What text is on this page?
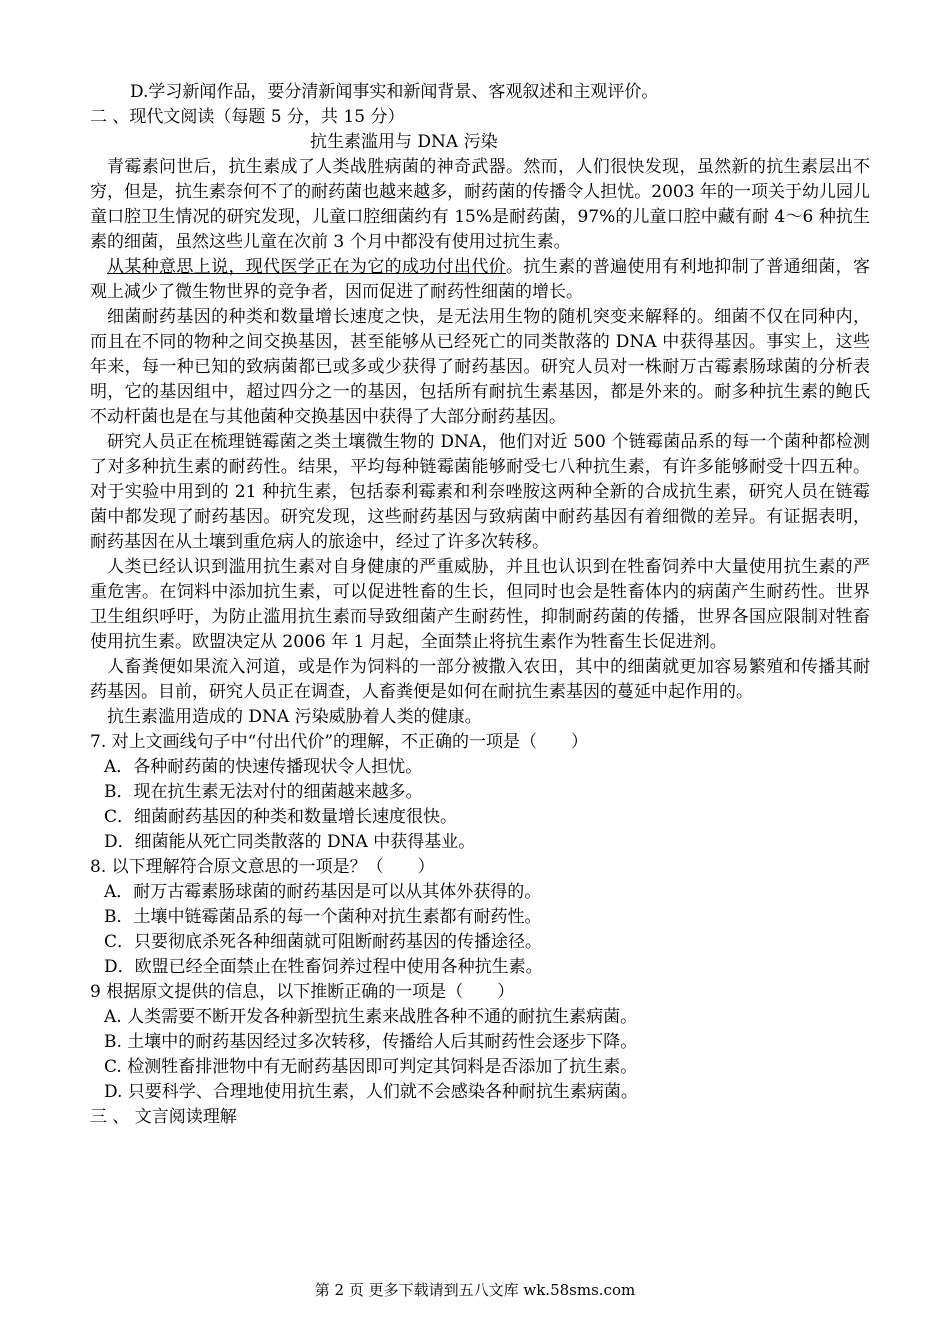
D.学习新闻作品，要分清新闻事实和新闻背景、客观叙述和主观评价。

二 、现代文阅读（每题 5 分，共 15 分）

抗生素滥用与 DNA 污染

青霉素问世后，抗生素成了人类战胜病菌的神奇武器。然而，人们很快发现，虽然新的抗生素层出不穷，但是，抗生素奈何不了的耐药菌也越来越多，耐药菌的传播令人担忧。2003 年的一项关于幼儿园儿童口腔卫生情况的研究发现，儿童口腔细菌约有 15%是耐药菌，97%的儿童口腔中藏有耐 4～6 种抗生素的细菌，虽然这些儿童在次前 3 个月中都没有使用过抗生素。

从某种意思上说，现代医学正在为它的成功付出代价。抗生素的普遍使用有利地抑制了普通细菌，客观上减少了微生物世界的竞争者，因而促进了耐药性细菌的增长。

细菌耐药基因的种类和数量增长速度之快，是无法用生物的随机突变来解释的。细菌不仅在同种内，而且在不同的物种之间交换基因，甚至能够从已经死亡的同类散落的 DNA 中获得基因。事实上，这些年来，每一种已知的致病菌都已或多或少获得了耐药基因。研究人员对一株耐万古霉素肠球菌的分析表明，它的基因组中，超过四分之一的基因，包括所有耐抗生素基因，都是外来的。耐多种抗生素的鲍氏不动杆菌也是在与其他菌种交换基因中获得了大部分耐药基因。

研究人员正在梳理链霉菌之类土壤微生物的 DNA，他们对近 500 个链霉菌品系的每一个菌种都检测了对多种抗生素的耐药性。结果，平均每种链霉菌能够耐受七八种抗生素，有许多能够耐受十四五种。对于实验中用到的 21 种抗生素，包括泰利霉素和利奈唑胺这两种全新的合成抗生素，研究人员在链霉菌中都发现了耐药基因。研究发现，这些耐药基因与致病菌中耐药基因有着细微的差异。有证据表明，耐药基因在从土壤到重危病人的旅途中，经过了许多次转移。

人类已经认识到滥用抗生素对自身健康的严重威胁，并且也认识到在牲畜饲养中大量使用抗生素的严重危害。在饲料中添加抗生素，可以促进牲畜的生长，但同时也会是牲畜体内的病菌产生耐药性。世界卫生组织呼吁，为防止滥用抗生素而导致细菌产生耐药性，抑制耐药菌的传播，世界各国应限制对牲畜使用抗生素。欧盟决定从 2006 年 1 月起，全面禁止将抗生素作为牲畜生长促进剂。

人畜粪便如果流入河道，或是作为饲料的一部分被撒入农田，其中的细菌就更加容易繁殖和传播其耐药基因。目前，研究人员正在调查，人畜粪便是如何在耐抗生素基因的蔓延中起作用的。

抗生素滥用造成的 DNA 污染威胁着人类的健康。

7. 对上文画线句子中“付出代价”的理解，不正确的一项是（　　）

A．各种耐药菌的快速传播现状令人担忧。

B．现在抗生素无法对付的细菌越来越多。

C．细菌耐药基因的种类和数量增长速度很快。

D．细菌能从死亡同类散落的 DNA 中获得基业。

8. 以下理解符合原文意思的一项是？（　　）

A．耐万古霉素肠球菌的耐药基因是可以从其体外获得的。

B．土壤中链霉菌品系的每一个菌种对抗生素都有耐药性。

C．只要彻底杀死各种细菌就可阻断耐药基因的传播途径。

D．欧盟已经全面禁止在牲畜饲养过程中使用各种抗生素。

9 根据原文提供的信息，以下推断正确的一项是（　　）

A. 人类需要不断开发各种新型抗生素来战胜各种不通的耐抗生素病菌。

B. 土壤中的耐药基因经过多次转移，传播给人后其耐药性会逐步下降。

C. 检测牲畜排泄物中有无耐药基因即可判定其饲料是否添加了抗生素。

D. 只要科学、合理地使用抗生素，人们就不会感染各种耐抗生素病菌。

三 、 文言阅读理解

第 2 页 更多下载请到五八文库 wk.58sms.com
